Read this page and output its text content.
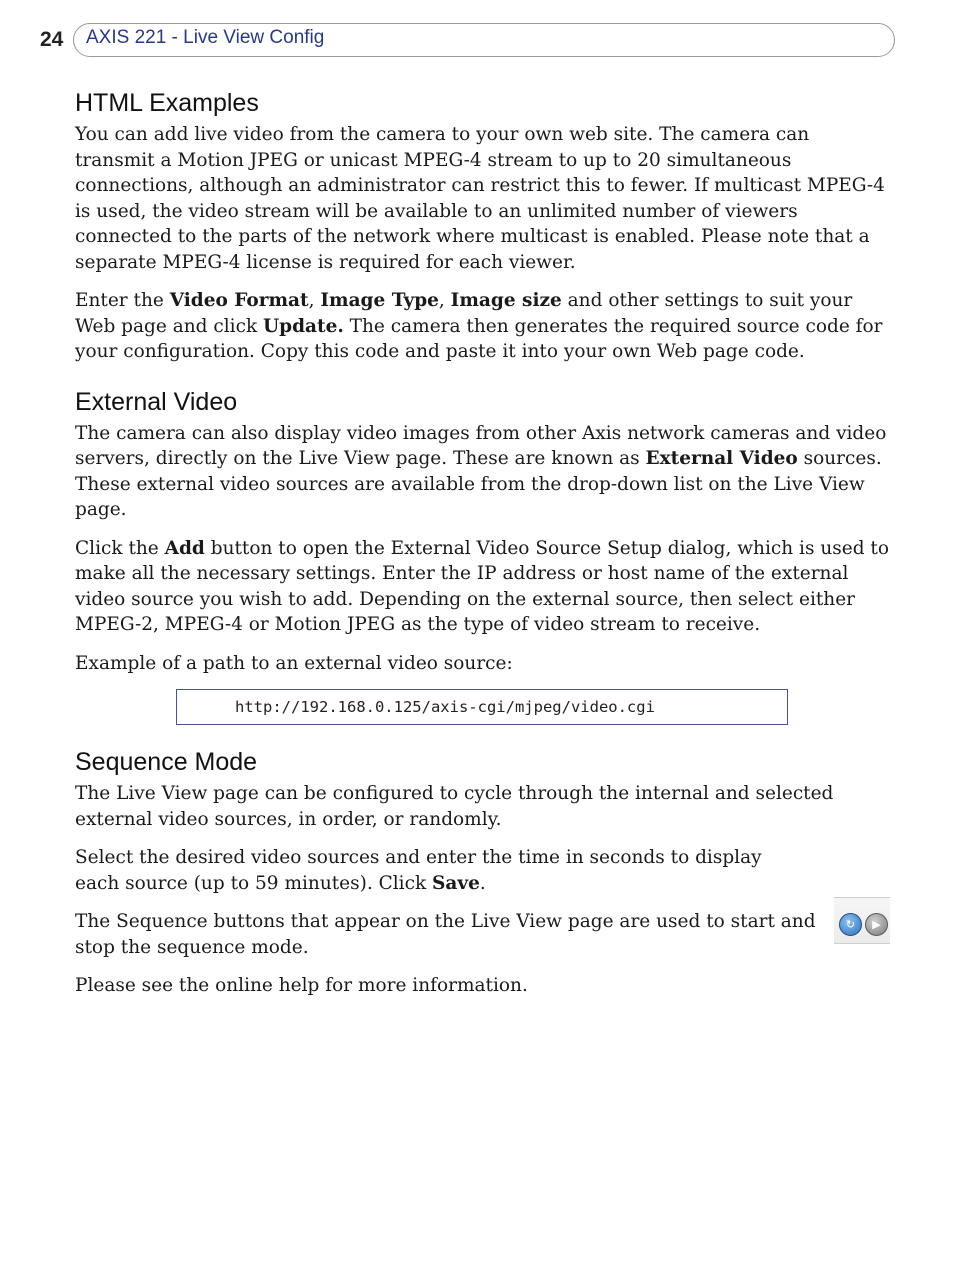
24 AXIS 221 - Live View Config
HTML Examples

You can add live video from the camera to your own web site. The camera can transmit a Motion JPEG or unicast MPEG-4 stream to up to 20 simultaneous connections, although an administrator can restrict this to fewer. If multicast MPEG-4 is used, the video stream will be available to an unlimited number of viewers connected to the parts of the network where multicast is enabled. Please note that a separate MPEG-4 license is required for each viewer.

Enter the Video Format, Image Type, Image size and other settings to suit your Web page and click Update. The camera then generates the required source code for your configuration. Copy this code and paste it into your own Web page code.

External Video

The camera can also display video images from other Axis network cameras and video servers, directly on the Live View page. These are known as External Video sources. These external video sources are available from the drop-down list on the Live View page.

Click the Add button to open the External Video Source Setup dialog, which is used to make all the necessary settings. Enter the IP address or host name of the external video source you wish to add. Depending on the external source, then select either MPEG-2, MPEG-4 or Motion JPEG as the type of video stream to receive.

Example of a path to an external video source:

http://192.168.0.125/axis-cgi/mjpeg/video.cgi
Sequence Mode

The Live View page can be configured to cycle through the internal and selected external video sources, in order, or randomly.

Select the desired video sources and enter the time in seconds to display each source (up to 59 minutes). Click Save.

The Sequence buttons that appear on the Live View page are used to start and stop the sequence mode.

↻	▶

Please see the online help for more information.
